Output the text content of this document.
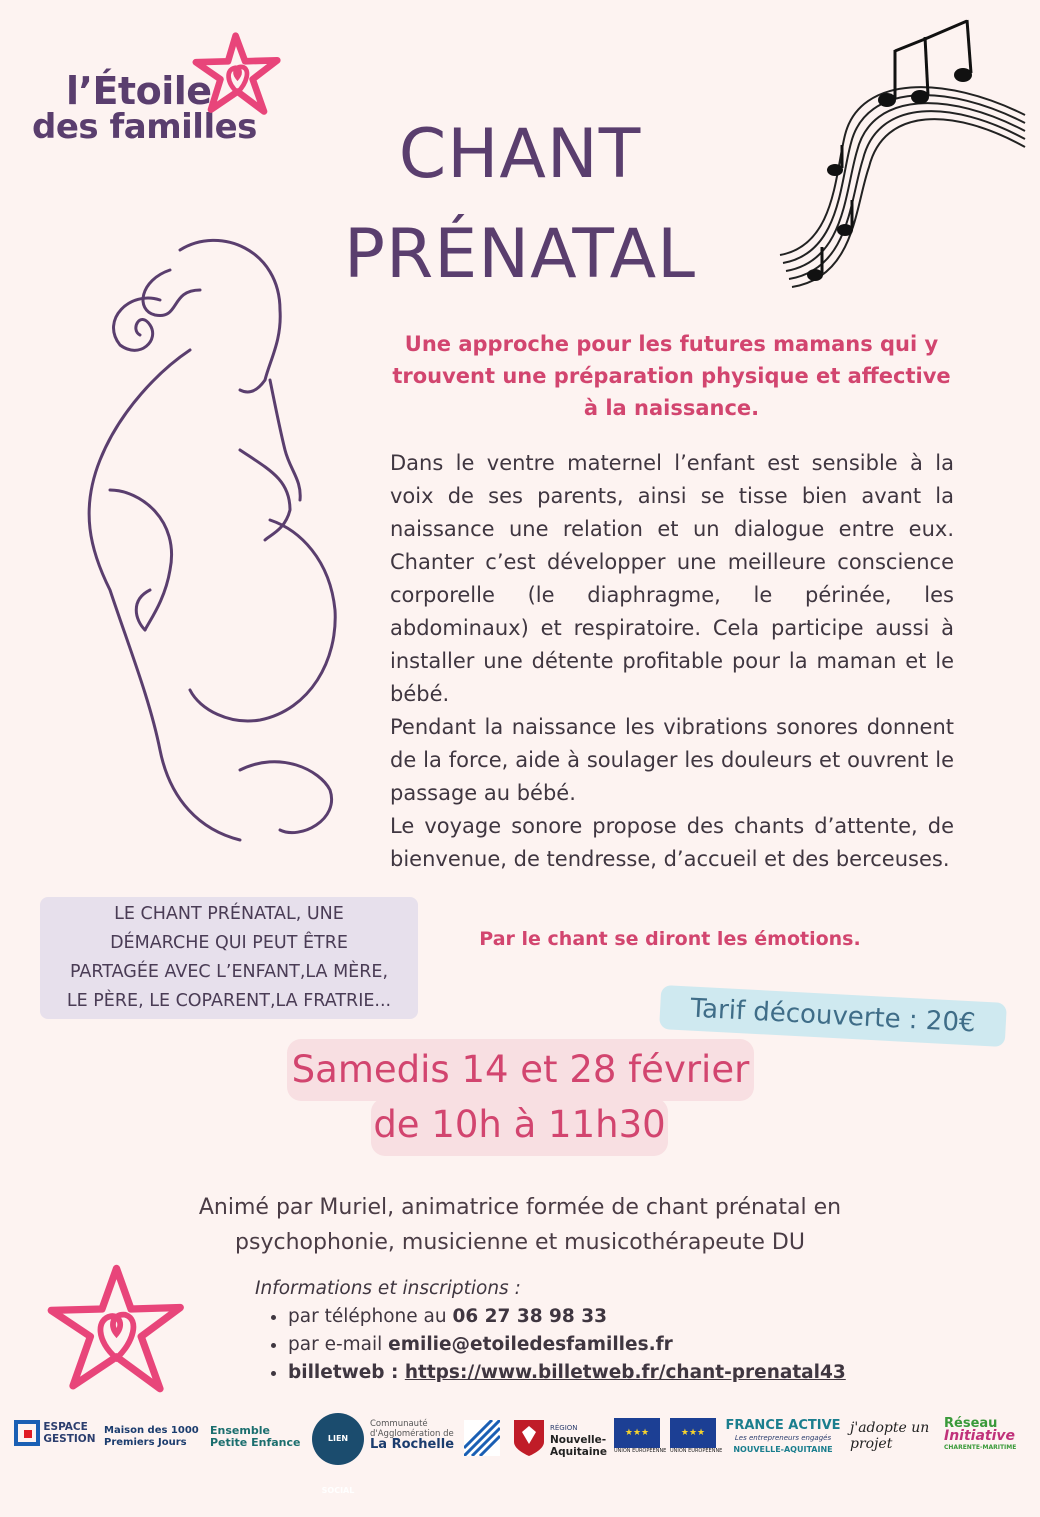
l’Étoile
des familles	CHANT
PRÉNATAL
Une approche pour les futures mamans qui y trouvent une préparation physique et affective à la naissance.

Dans le ventre maternel l’enfant est sensible à la voix de ses parents, ainsi se tisse bien avant la naissance une relation et un dialogue entre eux. Chanter c’est développer une meilleure conscience corporelle (le diaphragme, le périnée, les abdominaux) et respiratoire. Cela participe aussi à installer une détente profitable pour la maman et le bébé.

Pendant la naissance les vibrations sonores donnent de la force, aide à soulager les douleurs et ouvrent le passage au bébé.

Le voyage sonore propose des chants d’attente, de bienvenue, de tendresse, d’accueil et des berceuses.

LE CHANT PRÉNATAL, UNE
DÉMARCHE QUI PEUT ÊTRE
PARTAGÉE AVEC L’ENFANT,LA MÈRE,
LE PÈRE, LE COPARENT,LA FRATRIE...
Par le chant se diront les émotions.
Tarif découverte : 20€
Samedis 14 et 28 février
de 10h à 11h30
Animé par Muriel, animatrice formée de chant prénatal en
psychophonie, musicienne et musicothérapeute DU
Informations et inscriptions :
• par téléphone au 06 27 38 98 33
• par e-mail emilie@etoiledesfamilles.fr
• billetweb : https://www.billetweb.fr/chant-prenatal43
ESPACE GESTION
Maison des 1000 Premiers Jours
Ensemble Petite Enfance	LIEN SOCIAL
Communauté d'Agglomération de
La Rochelle
RÉGION
Nouvelle-Aquitaine
★★★
UNION EUROPÉENNE
★★★
UNION EUROPÉENNE
FRANCE ACTIVE
Les entrepreneurs engagés
NOUVELLE-AQUITAINE
j'adopte un projet
Réseau
Initiative
CHARENTE-MARITIME
